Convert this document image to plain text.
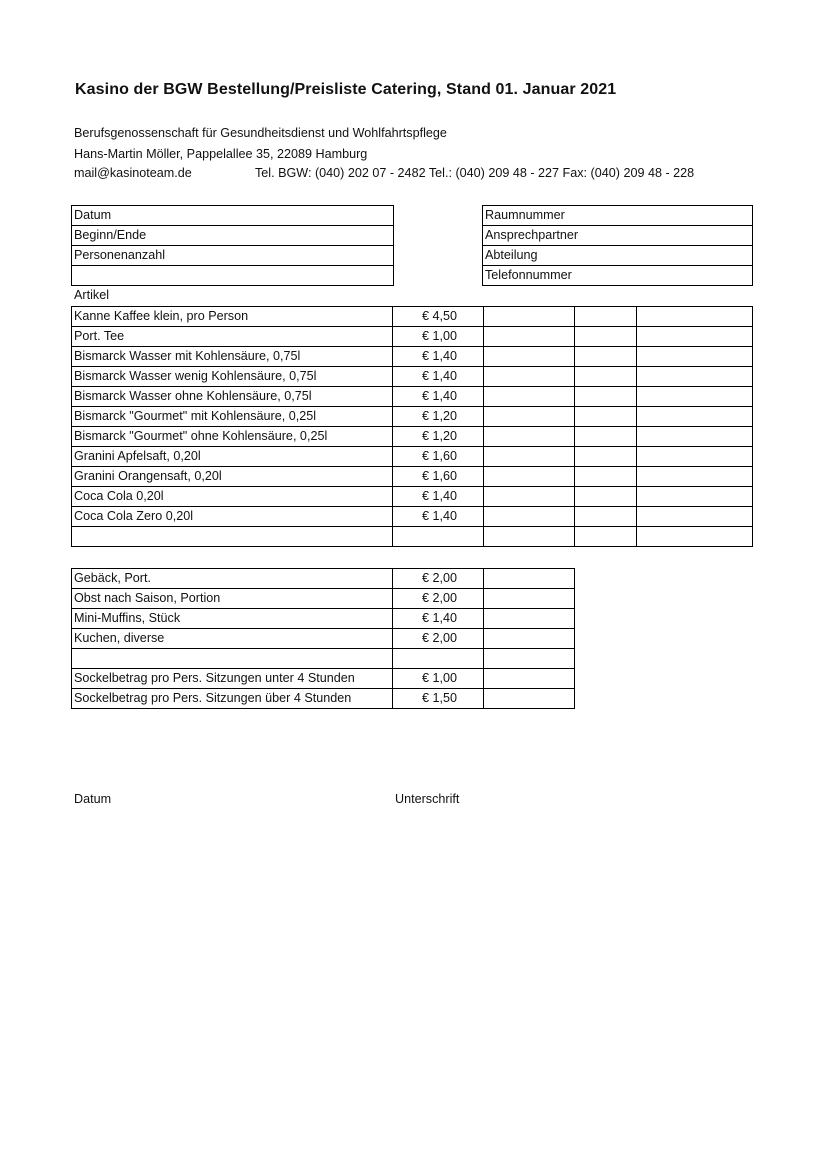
Kasino der BGW Bestellung/Preisliste Catering, Stand 01. Januar 2021
Berufsgenossenschaft für Gesundheitsdienst und Wohlfahrtspflege
Hans-Martin Möller, Pappelallee 35, 22089 Hamburg
mail@kasinoteam.de	Tel. BGW: (040) 202 07 - 2482 Tel.: (040) 209 48 - 227 Fax: (040) 209 48 - 228
Datum
Beginn/Ende
Personenanzahl

Raumnummer
Ansprechpartner
Abteilung
Telefonnummer
Artikel
Kanne Kaffee klein, pro Person	€ 4,50			
Port. Tee	€ 1,00			
Bismarck Wasser mit Kohlensäure, 0,75l	€ 1,40			
Bismarck Wasser wenig Kohlensäure, 0,75l	€ 1,40			
Bismarck Wasser ohne Kohlensäure, 0,75l	€ 1,40			
Bismarck "Gourmet" mit Kohlensäure, 0,25l	€ 1,20			
Bismarck "Gourmet" ohne Kohlensäure, 0,25l	€ 1,20			
Granini Apfelsaft, 0,20l	€ 1,60			
Granini Orangensaft, 0,20l	€ 1,60			
Coca Cola 0,20l	€ 1,40			
Coca Cola Zero 0,20l	€ 1,40			

Gebäck, Port.	€ 2,00	
Obst nach Saison, Portion	€ 2,00	
Mini-Muffins, Stück	€ 1,40	
Kuchen, diverse	€ 2,00	

Sockelbetrag pro Pers. Sitzungen unter 4 Stunden	€ 1,00	
Sockelbetrag pro Pers. Sitzungen über 4 Stunden	€ 1,50	
Datum	Unterschrift
